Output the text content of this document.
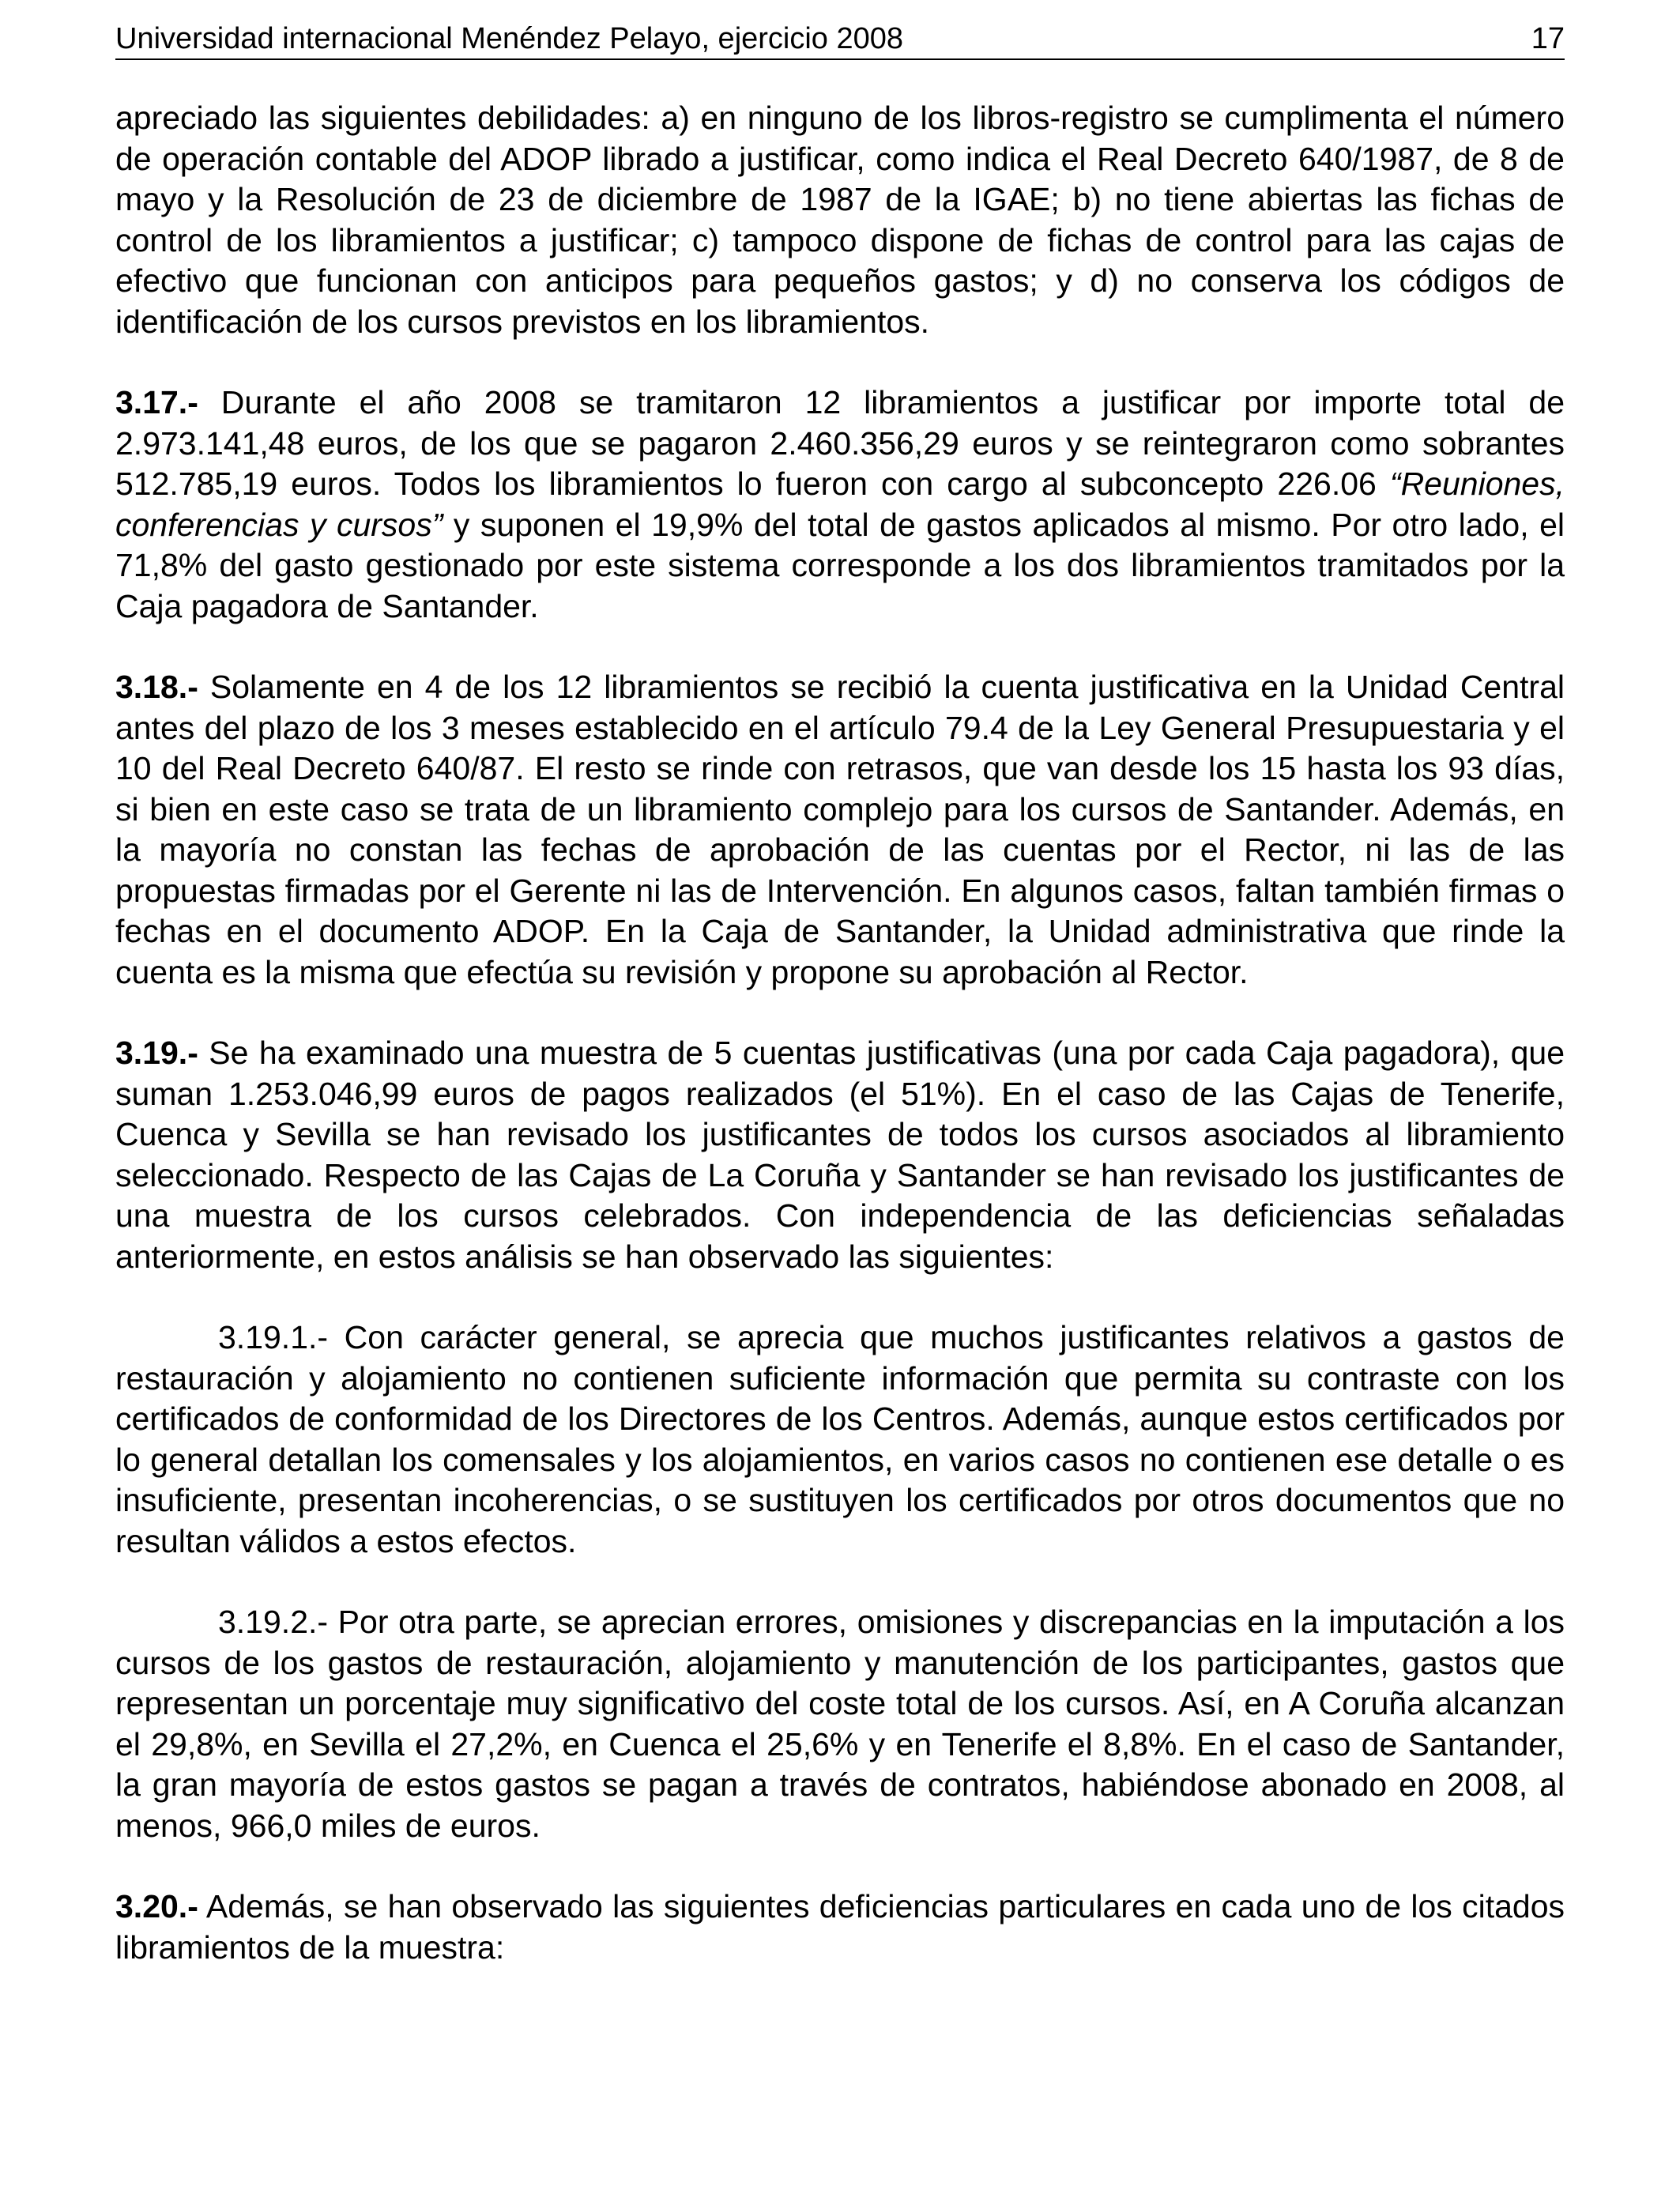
Universidad internacional Menéndez Pelayo, ejercicio 2008	17

apreciado las siguientes debilidades: a) en ninguno de los libros-registro se cumplimenta el número de operación contable del ADOP librado a justificar, como indica el Real Decreto 640/1987, de 8 de mayo y la Resolución de 23 de diciembre de 1987 de la IGAE; b) no tiene abiertas las fichas de control de los libramientos a justificar; c) tampoco dispone de fichas de control para las cajas de efectivo que funcionan con anticipos para pequeños gastos; y d) no conserva los códigos de identificación de los cursos previstos en los libramientos.

3.17.- Durante el año 2008 se tramitaron 12 libramientos a justificar por importe total de 2.973.141,48 euros, de los que se pagaron 2.460.356,29 euros y se reintegraron como sobrantes 512.785,19 euros. Todos los libramientos lo fueron con cargo al subconcepto 226.06 “Reuniones, conferencias y cursos” y suponen el 19,9% del total de gastos aplicados al mismo. Por otro lado, el 71,8% del gasto gestionado por este sistema corresponde a los dos libramientos tramitados por la Caja pagadora de Santander.

3.18.- Solamente en 4 de los 12 libramientos se recibió la cuenta justificativa en la Unidad Central antes del plazo de los 3 meses establecido en el artículo 79.4 de la Ley General Presupuestaria y el 10 del Real Decreto 640/87. El resto se rinde con retrasos, que van desde los 15 hasta los 93 días, si bien en este caso se trata de un libramiento complejo para los cursos de Santander. Además, en la mayoría no constan las fechas de aprobación de las cuentas por el Rector, ni las de las propuestas firmadas por el Gerente ni las de Intervención. En algunos casos, faltan también firmas o fechas en el documento ADOP. En la Caja de Santander, la Unidad administrativa que rinde la cuenta es la misma que efectúa su revisión y propone su aprobación al Rector.

3.19.- Se ha examinado una muestra de 5 cuentas justificativas (una por cada Caja pagadora), que suman 1.253.046,99 euros de pagos realizados (el 51%). En el caso de las Cajas de Tenerife, Cuenca y Sevilla se han revisado los justificantes de todos los cursos asociados al libramiento seleccionado. Respecto de las Cajas de La Coruña y Santander se han revisado los justificantes de una muestra de los cursos celebrados. Con independencia de las deficiencias señaladas anteriormente, en estos análisis se han observado las siguientes:

3.19.1.- Con carácter general, se aprecia que muchos justificantes relativos a gastos de restauración y alojamiento no contienen suficiente información que permita su contraste con los certificados de conformidad de los Directores de los Centros. Además, aunque estos certificados por lo general detallan los comensales y los alojamientos, en varios casos no contienen ese detalle o es insuficiente, presentan incoherencias, o se sustituyen los certificados por otros documentos que no resultan válidos a estos efectos.

3.19.2.- Por otra parte, se aprecian errores, omisiones y discrepancias en la imputación a los cursos de los gastos de restauración, alojamiento y manutención de los participantes, gastos que representan un porcentaje muy significativo del coste total de los cursos. Así, en A Coruña alcanzan el 29,8%, en Sevilla el 27,2%, en Cuenca el 25,6% y en Tenerife el 8,8%. En el caso de Santander, la gran mayoría de estos gastos se pagan a través de contratos, habiéndose abonado en 2008, al menos, 966,0 miles de euros.

3.20.- Además, se han observado las siguientes deficiencias particulares en cada uno de los citados libramientos de la muestra:
